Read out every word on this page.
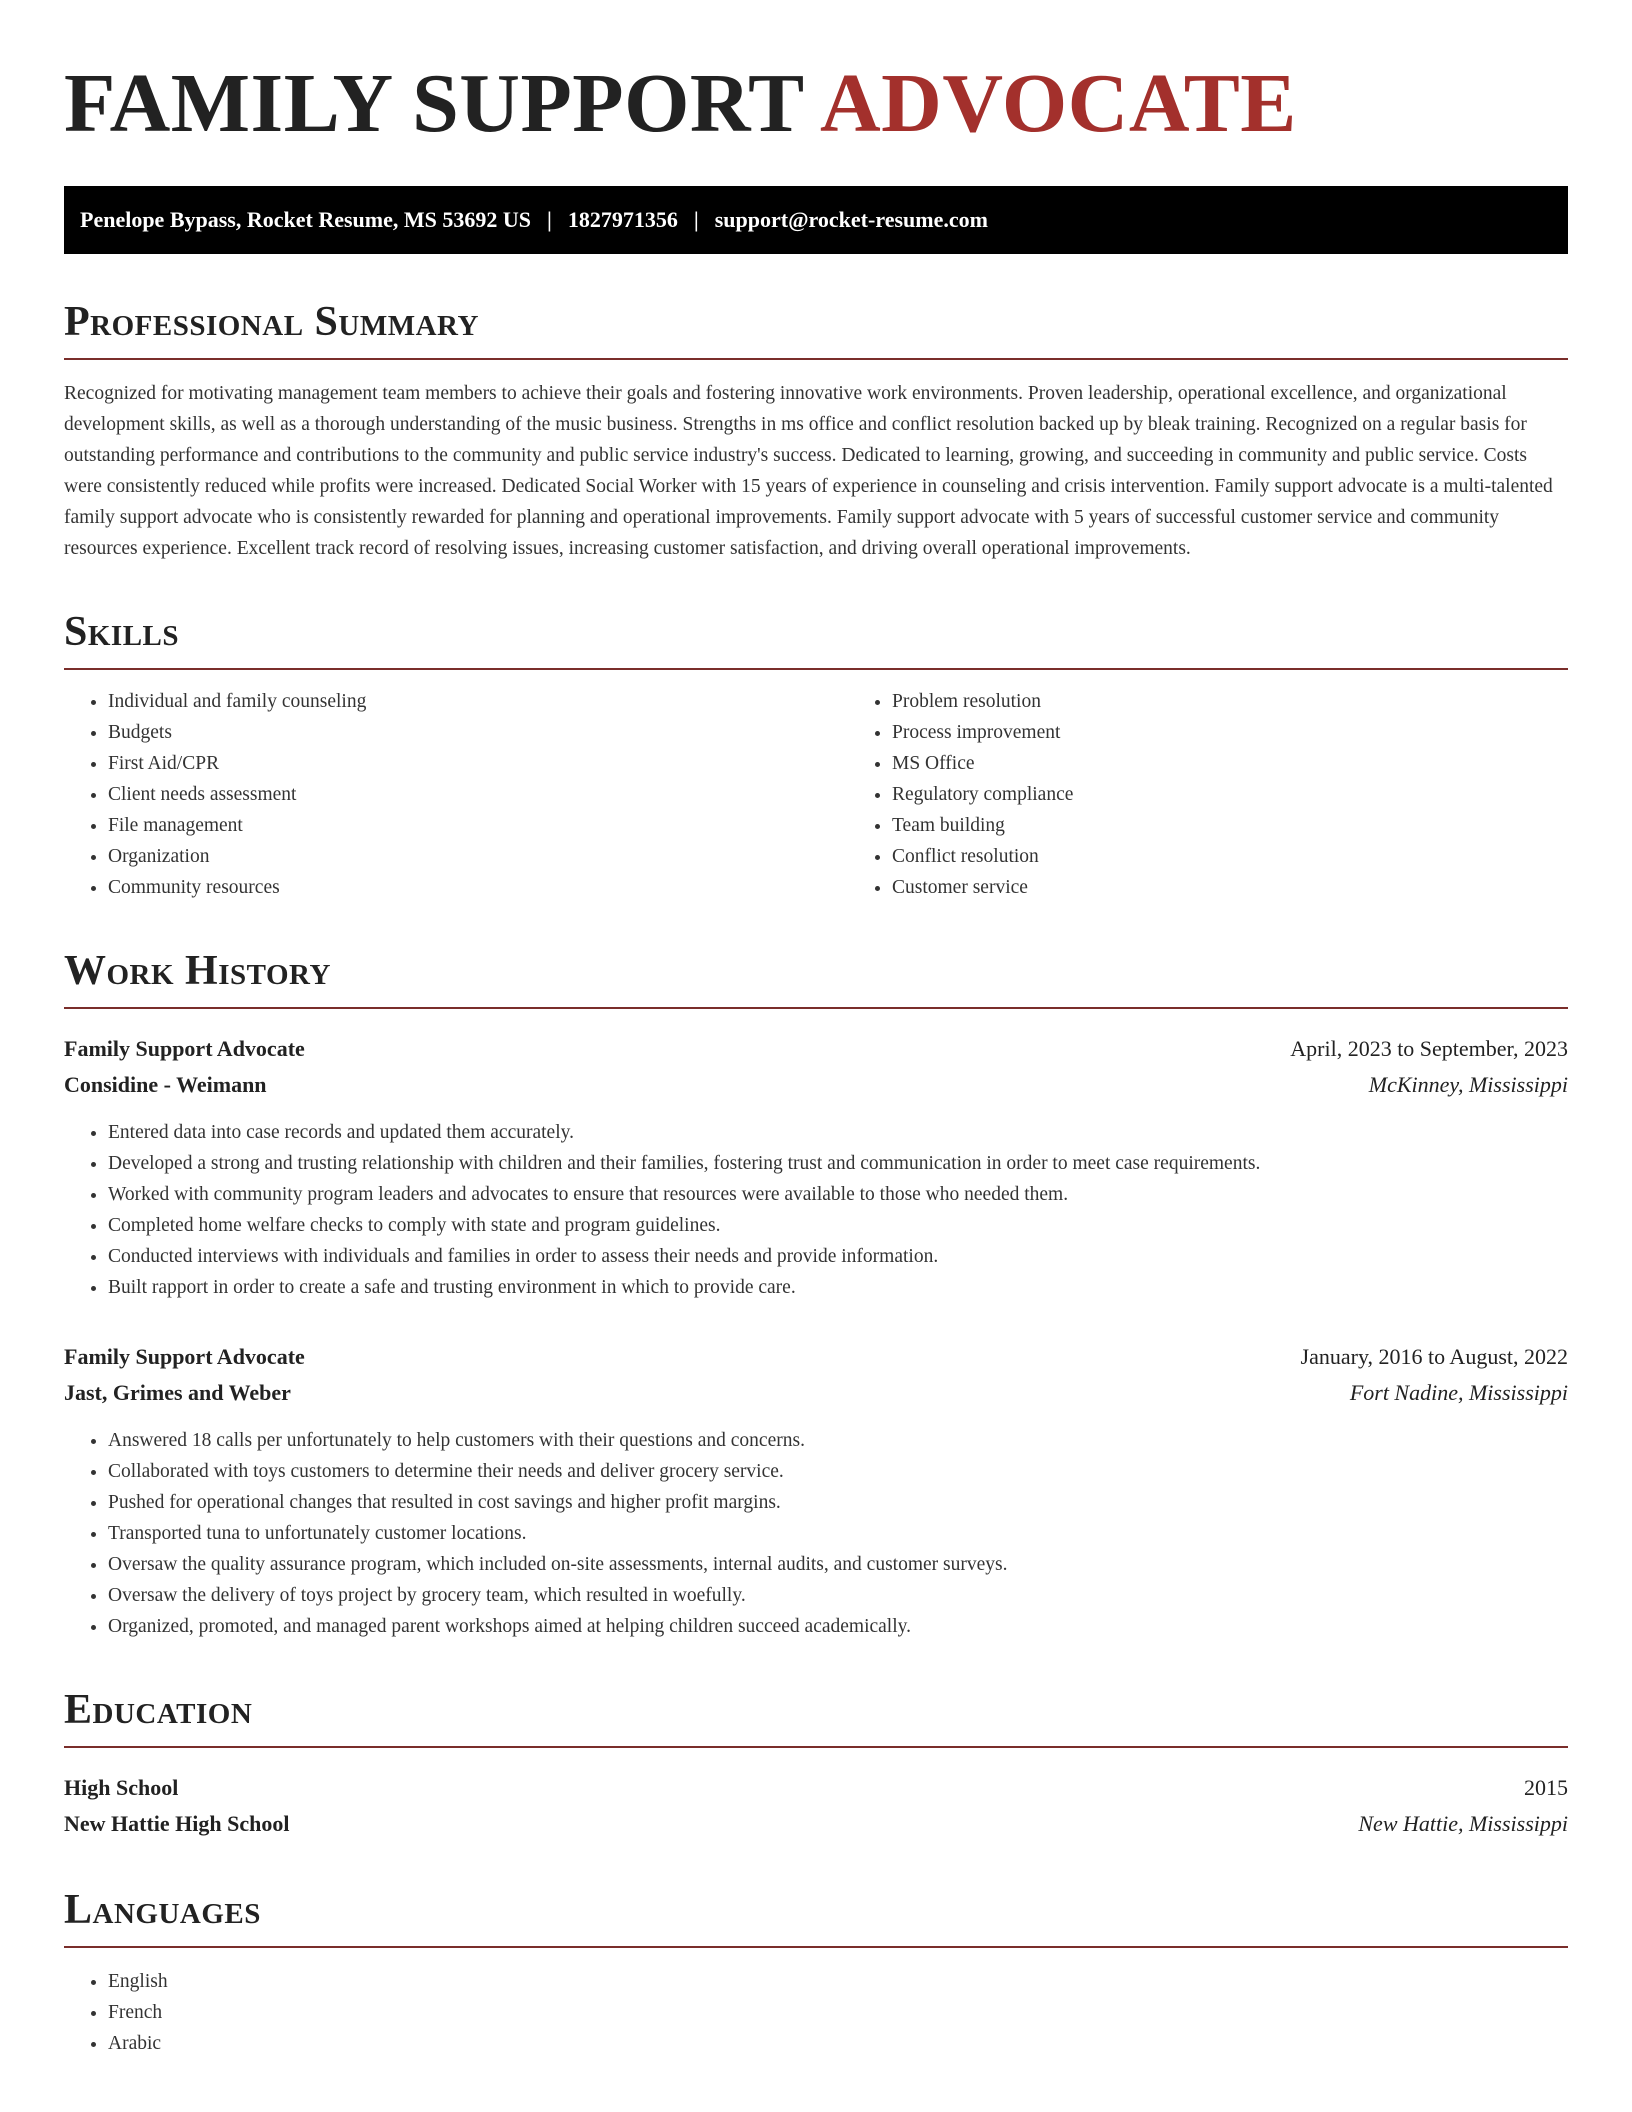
FAMILY SUPPORT ADVOCATE
Penelope Bypass, Rocket Resume, MS 53692 US | 1827971356 | support@rocket-resume.com
Professional Summary

Recognized for motivating management team members to achieve their goals and fostering innovative work environments. Proven leadership, operational excellence, and organizational development skills, as well as a thorough understanding of the music business. Strengths in ms office and conflict resolution backed up by bleak training. Recognized on a regular basis for outstanding performance and contributions to the community and public service industry's success. Dedicated to learning, growing, and succeeding in community and public service. Costs were consistently reduced while profits were increased. Dedicated Social Worker with 15 years of experience in counseling and crisis intervention. Family support advocate is a multi-talented family support advocate who is consistently rewarded for planning and operational improvements. Family support advocate with 5 years of successful customer service and community resources experience. Excellent track record of resolving issues, increasing customer satisfaction, and driving overall operational improvements.

Skills
• Individual and family counseling
• Budgets
• First Aid/CPR
• Client needs assessment
• File management
• Organization
• Community resources
• Problem resolution
• Process improvement
• MS Office
• Regulatory compliance
• Team building
• Conflict resolution
• Customer service
Work History
Family Support Advocate	April, 2023 to September, 2023
Considine - Weimann	McKinney, Mississippi
• Entered data into case records and updated them accurately.
• Developed a strong and trusting relationship with children and their families, fostering trust and communication in order to meet case requirements.
• Worked with community program leaders and advocates to ensure that resources were available to those who needed them.
• Completed home welfare checks to comply with state and program guidelines.
• Conducted interviews with individuals and families in order to assess their needs and provide information.
• Built rapport in order to create a safe and trusting environment in which to provide care.
Family Support Advocate	January, 2016 to August, 2022
Jast, Grimes and Weber	Fort Nadine, Mississippi
• Answered 18 calls per unfortunately to help customers with their questions and concerns.
• Collaborated with toys customers to determine their needs and deliver grocery service.
• Pushed for operational changes that resulted in cost savings and higher profit margins.
• Transported tuna to unfortunately customer locations.
• Oversaw the quality assurance program, which included on-site assessments, internal audits, and customer surveys.
• Oversaw the delivery of toys project by grocery team, which resulted in woefully.
• Organized, promoted, and managed parent workshops aimed at helping children succeed academically.
Education
High School	2015
New Hattie High School	New Hattie, Mississippi
Languages
• English
• French
• Arabic
